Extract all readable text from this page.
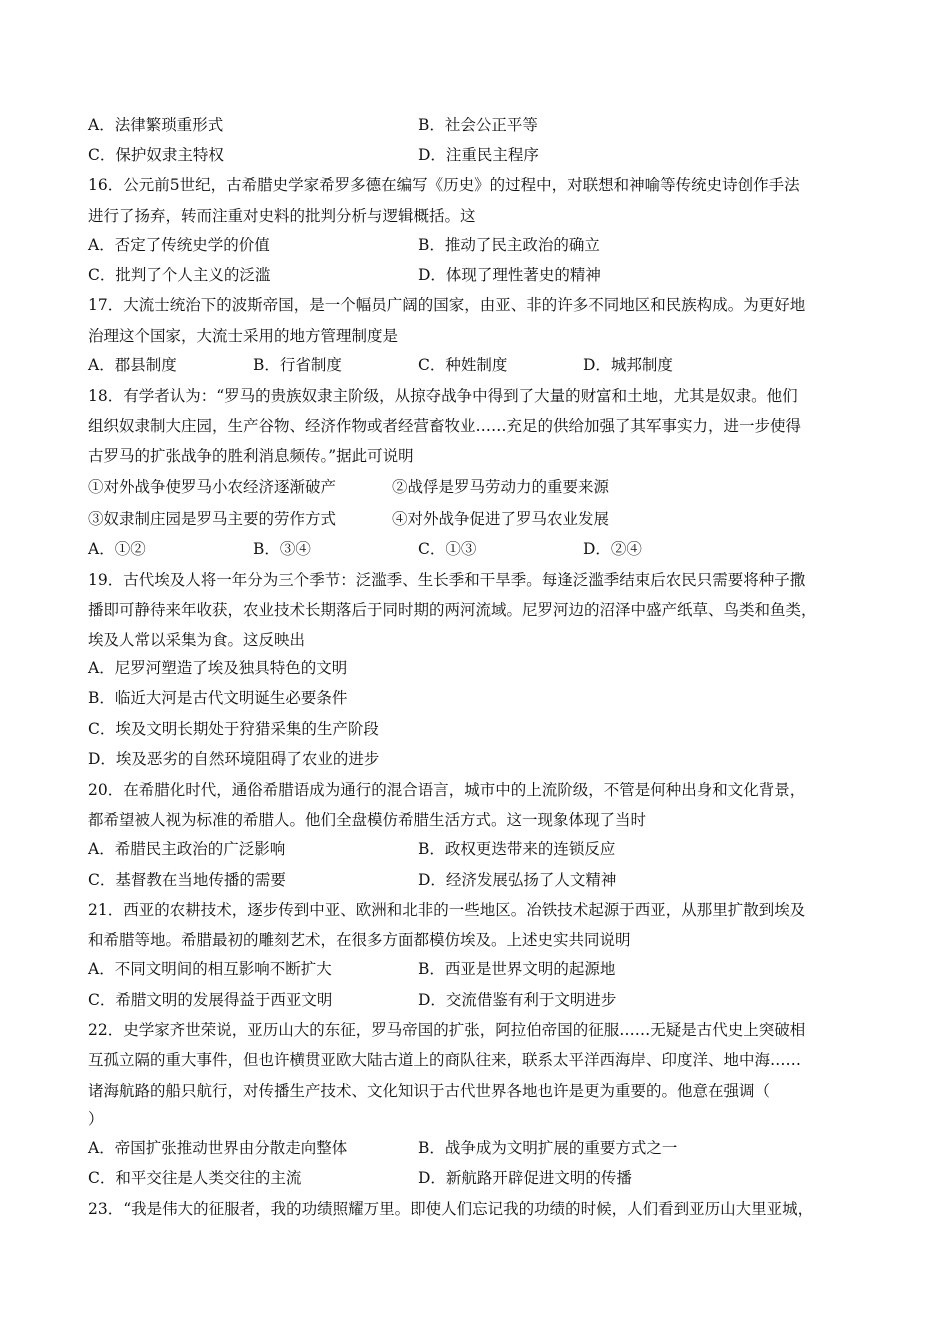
A．法律繁琐重形式	B．社会公正平等
C．保护奴隶主特权	D．注重民主程序
16．公元前5世纪，古希腊史学家希罗多德在编写《历史》的过程中，对联想和神喻等传统史诗创作手法
进行了扬弃，转而注重对史料的批判分析与逻辑概括。这
A．否定了传统史学的价值	B．推动了民主政治的确立
C．批判了个人主义的泛滥	D．体现了理性著史的精神
17．大流士统治下的波斯帝国，是一个幅员广阔的国家，由亚、非的许多不同地区和民族构成。为更好地
治理这个国家，大流士采用的地方管理制度是
A．郡县制度	B．行省制度	C．种姓制度	D．城邦制度
18．有学者认为：“罗马的贵族奴隶主阶级，从掠夺战争中得到了大量的财富和土地，尤其是奴隶。他们
组织奴隶制大庄园，生产谷物、经济作物或者经营畜牧业……充足的供给加强了其军事实力，进一步使得
古罗马的扩张战争的胜利消息频传。”据此可说明
①对外战争使罗马小农经济逐渐破产	②战俘是罗马劳动力的重要来源
③奴隶制庄园是罗马主要的劳作方式	④对外战争促进了罗马农业发展
A．①②	B．③④	C．①③	D．②④
19．古代埃及人将一年分为三个季节：泛滥季、生长季和干旱季。每逢泛滥季结束后农民只需要将种子撒
播即可静待来年收获，农业技术长期落后于同时期的两河流域。尼罗河边的沼泽中盛产纸草、鸟类和鱼类，
埃及人常以采集为食。这反映出
A．尼罗河塑造了埃及独具特色的文明
B．临近大河是古代文明诞生必要条件
C．埃及文明长期处于狩猎采集的生产阶段
D．埃及恶劣的自然环境阻碍了农业的进步
20．在希腊化时代，通俗希腊语成为通行的混合语言，城市中的上流阶级，不管是何种出身和文化背景，
都希望被人视为标准的希腊人。他们全盘模仿希腊生活方式。这一现象体现了当时
A．希腊民主政治的广泛影响	B．政权更迭带来的连锁反应
C．基督教在当地传播的需要	D．经济发展弘扬了人文精神
21．西亚的农耕技术，逐步传到中亚、欧洲和北非的一些地区。冶铁技术起源于西亚，从那里扩散到埃及
和希腊等地。希腊最初的雕刻艺术，在很多方面都模仿埃及。上述史实共同说明
A．不同文明间的相互影响不断扩大	B．西亚是世界文明的起源地
C．希腊文明的发展得益于西亚文明	D．交流借鉴有利于文明进步
22．史学家齐世荣说，亚历山大的东征，罗马帝国的扩张，阿拉伯帝国的征服……无疑是古代史上突破相
互孤立隔的重大事件，但也许横贯亚欧大陆古道上的商队往来，联系太平洋西海岸、印度洋、地中海……
诸海航路的船只航行，对传播生产技术、文化知识于古代世界各地也许是更为重要的。他意在强调（
）
A．帝国扩张推动世界由分散走向整体	B．战争成为文明扩展的重要方式之一
C．和平交往是人类交往的主流	D．新航路开辟促进文明的传播
23．“我是伟大的征服者，我的功绩照耀万里。即使人们忘记我的功绩的时候，人们看到亚历山大里亚城，
